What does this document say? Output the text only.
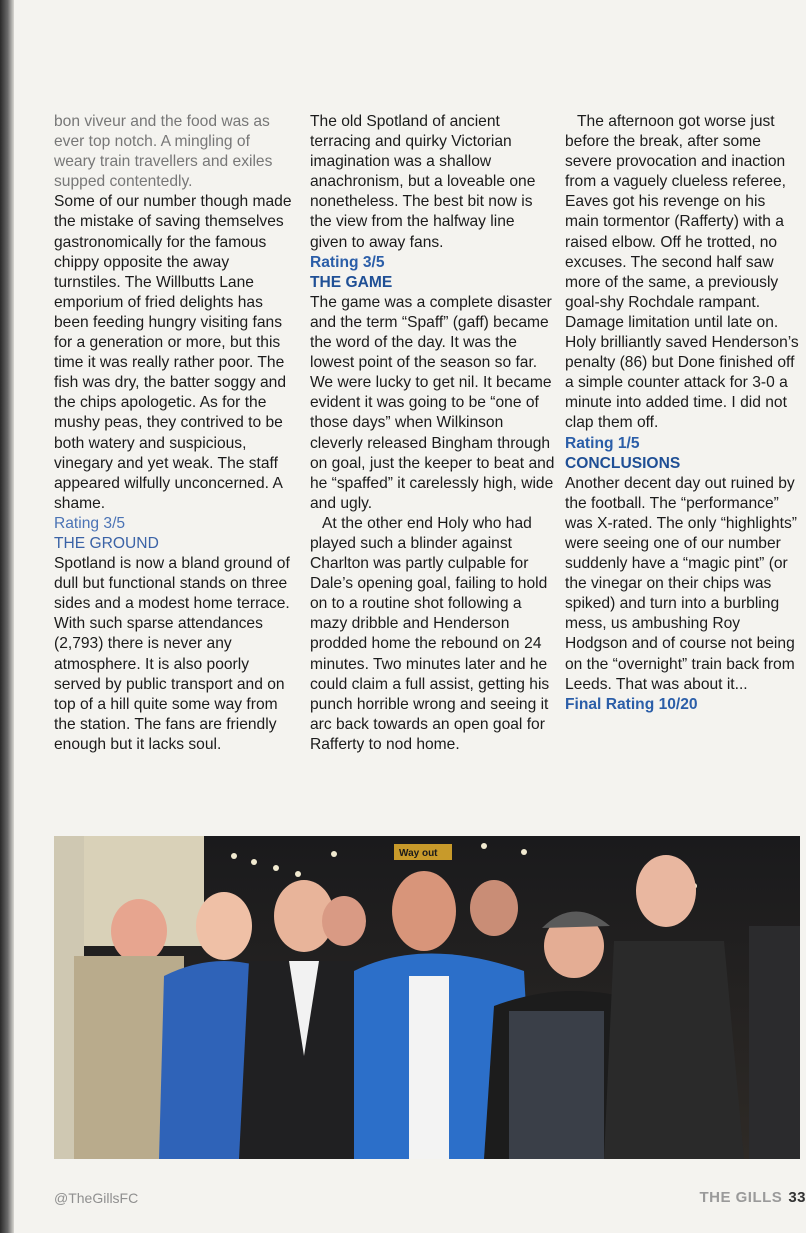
bon viveur and the food was as ever top notch. A mingling of weary train travellers and exiles supped contentedly.

Some of our number though made the mistake of saving themselves gastronomically for the famous chippy opposite the away turnstiles. The Willbutts Lane emporium of fried delights has been feeding hungry visiting fans for a generation or more, but this time it was really rather poor. The fish was dry, the batter soggy and the chips apologetic. As for the mushy peas, they contrived to be both watery and suspicious, vinegary and yet weak. The staff appeared wilfully unconcerned. A shame.

Rating 3/5

THE GROUND

Spotland is now a bland ground of dull but functional stands on three sides and a modest home terrace. With such sparse attendances (2,793) there is never any atmosphere. It is also poorly served by public transport and on top of a hill quite some way from the station. The fans are friendly enough but it lacks soul.

The old Spotland of ancient terracing and quirky Victorian imagination was a shallow anachronism, but a loveable one nonetheless. The best bit now is the view from the halfway line given to away fans.

Rating 3/5

THE GAME

The game was a complete disaster and the term “Spaff” (gaff) became the word of the day. It was the lowest point of the season so far. We were lucky to get nil. It became evident it was going to be “one of those days” when Wilkinson cleverly released Bingham through on goal, just the keeper to beat and he “spaffed” it carelessly high, wide and ugly.

At the other end Holy who had played such a blinder against Charlton was partly culpable for Dale’s opening goal, failing to hold on to a routine shot following a mazy dribble and Henderson prodded home the rebound on 24 minutes. Two minutes later and he could claim a full assist, getting his punch horrible wrong and seeing it arc back towards an open goal for Rafferty to nod home.

The afternoon got worse just before the break, after some severe provocation and inaction from a vaguely clueless referee, Eaves got his revenge on his main tormentor (Rafferty) with a raised elbow. Off he trotted, no excuses. The second half saw more of the same, a previously goal-shy Rochdale rampant. Damage limitation until late on. Holy brilliantly saved Henderson’s penalty (86) but Done finished off a simple counter attack for 3-0 a minute into added time. I did not clap them off.

Rating 1/5

CONCLUSIONS

Another decent day out ruined by the football. The “performance” was X-rated. The only “highlights” were seeing one of our number suddenly have a “magic pint” (or the vinegar on their chips was spiked) and turn into a burbling mess, us ambushing Roy Hodgson and of course not being on the “overnight” train back from Leeds. That was about it...

Final Rating 10/20

Way out
@TheGillsFC	THE GILLS 33
